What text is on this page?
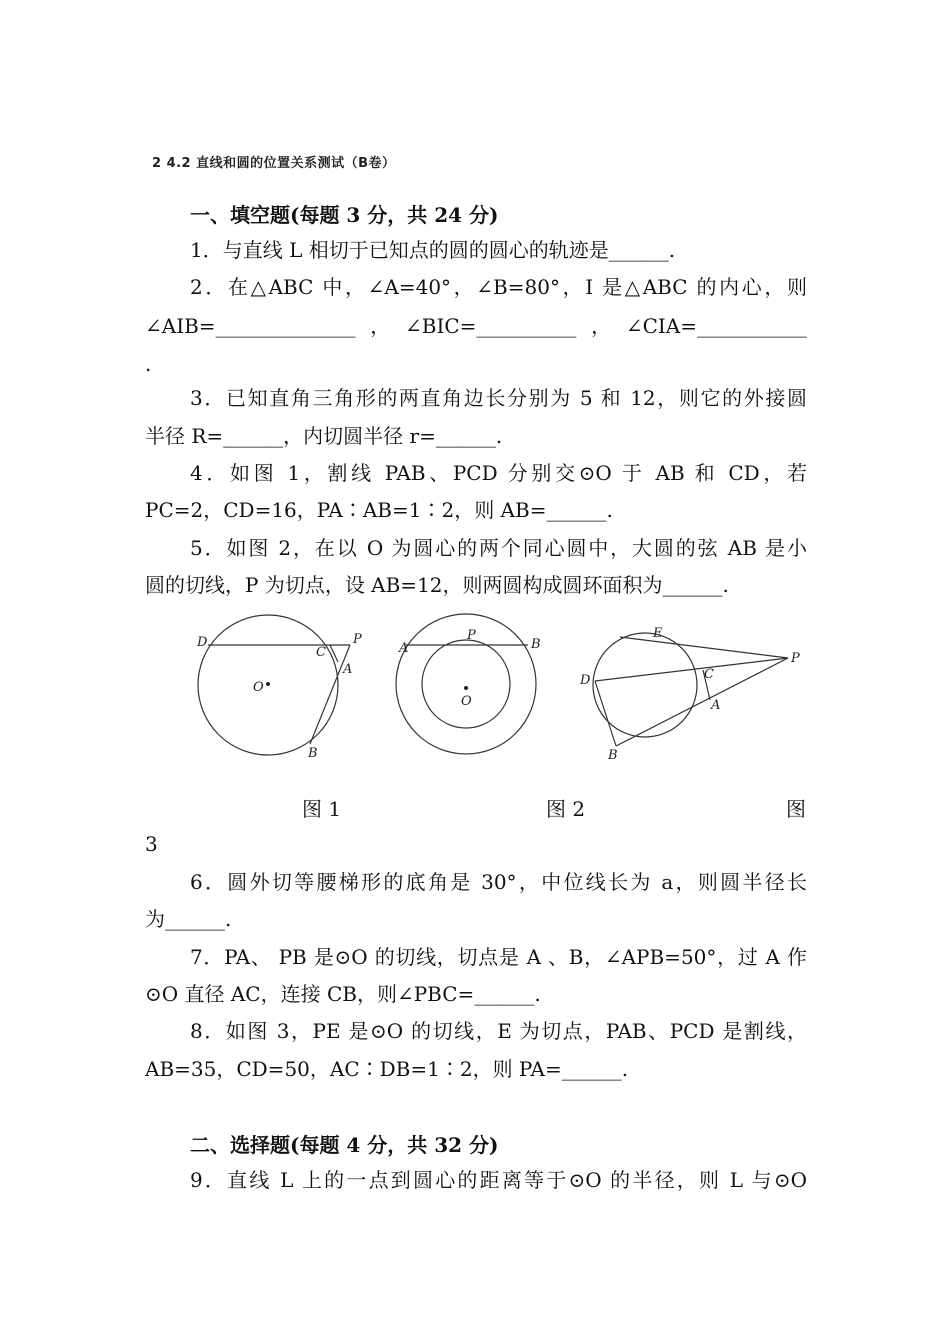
2 4.2 直线和圆的位置关系测试（B卷）
一、填空题(每题 3 分，共 24 分)
1．与直线 L 相切于已知点的圆的圆心的轨迹是______.
2．在△ABC 中，∠A=40°，∠B=80°，I 是△ABC 的内心，则
∠AIB=______________，∠BIC=__________，∠CIA=___________
.
3．已知直角三角形的两直角边长分别为 5 和 12，则它的外接圆
半径 R=______，内切圆半径 r=______.
4．如图 1，割线 PAB、PCD 分别交⊙O 于 AB 和 CD，若
PC=2，CD=16，PA∶AB=1∶2，则 AB=______.
5．如图 2，在以 O 为圆心的两个同心圆中，大圆的弦 AB 是小
圆的切线，P 为切点，设 AB=12，则两圆构成圆环面积为______.
D	P
C
A
O
B
A
P
B
O
E
P
D	C
A
B
图 1	图 2	图
3
6．圆外切等腰梯形的底角是 30°，中位线长为 a，则圆半径长
为______.
7．PA、 PB 是⊙O 的切线，切点是 A 、B，∠APB=50°，过 A 作
⊙O 直径 AC，连接 CB，则∠PBC=______.
8．如图 3，PE 是⊙O 的切线，E 为切点，PAB、PCD 是割线，
AB=35，CD=50，AC∶DB=1∶2，则 PA=______.
二、选择题(每题 4 分，共 32 分)
9．直线 L 上的一点到圆心的距离等于⊙O 的半径，则 L 与⊙O
